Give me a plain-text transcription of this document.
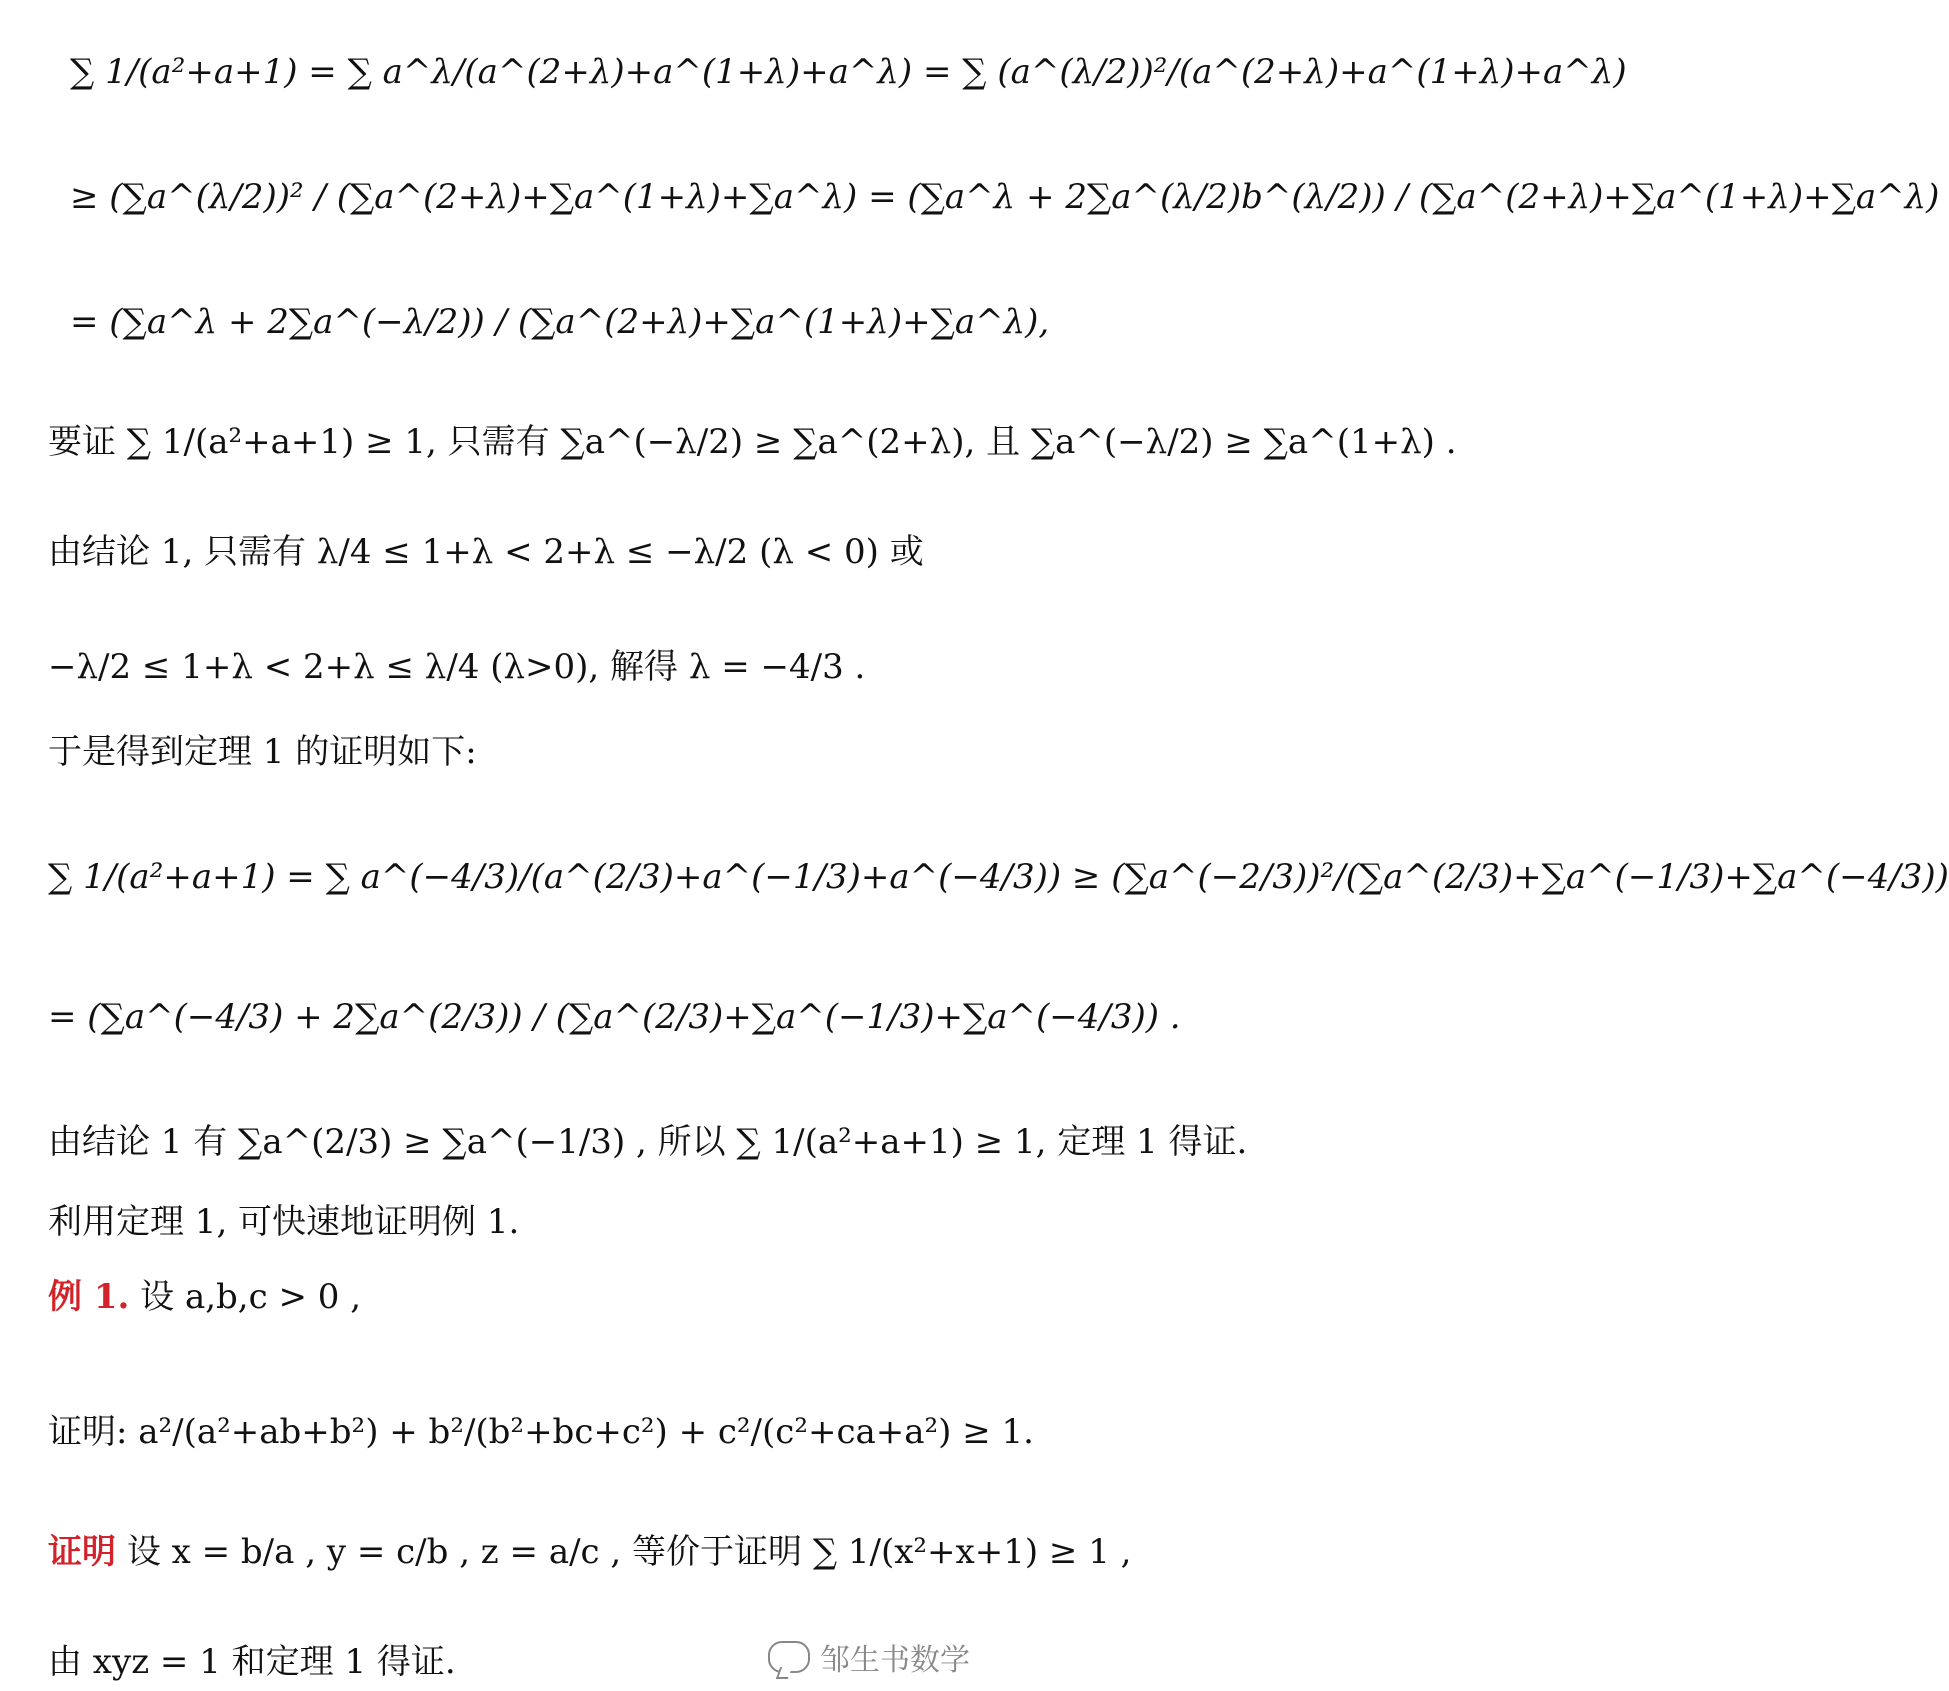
∑ 1/(a²+a+1) = ∑ a^λ/(a^(2+λ)+a^(1+λ)+a^λ) = ∑ (a^(λ/2))²/(a^(2+λ)+a^(1+λ)+a^λ)
≥ (∑a^(λ/2))² / (∑a^(2+λ)+∑a^(1+λ)+∑a^λ) = (∑a^λ + 2∑a^(λ/2)b^(λ/2)) / (∑a^(2+λ)+∑a^(1+λ)+∑a^λ)
= (∑a^λ + 2∑a^(−λ/2)) / (∑a^(2+λ)+∑a^(1+λ)+∑a^λ),
要证 ∑ 1/(a²+a+1) ≥ 1, 只需有 ∑a^(−λ/2) ≥ ∑a^(2+λ), 且 ∑a^(−λ/2) ≥ ∑a^(1+λ) .
由结论 1, 只需有 λ/4 ≤ 1+λ < 2+λ ≤ −λ/2 (λ < 0) 或
−λ/2 ≤ 1+λ < 2+λ ≤ λ/4 (λ>0), 解得 λ = −4/3 .
于是得到定理 1 的证明如下:
∑ 1/(a²+a+1) = ∑ a^(−4/3)/(a^(2/3)+a^(−1/3)+a^(−4/3)) ≥ (∑a^(−2/3))²/(∑a^(2/3)+∑a^(−1/3)+∑a^(−4/3))
= (∑a^(−4/3) + 2∑a^(2/3)) / (∑a^(2/3)+∑a^(−1/3)+∑a^(−4/3)) .
由结论 1 有 ∑a^(2/3) ≥ ∑a^(−1/3) , 所以 ∑ 1/(a²+a+1) ≥ 1, 定理 1 得证.
利用定理 1, 可快速地证明例 1.
例 1. 设 a,b,c > 0 ,
证明: a²/(a²+ab+b²) + b²/(b²+bc+c²) + c²/(c²+ca+a²) ≥ 1.
证明 设 x = b/a , y = c/b , z = a/c , 等价于证明 ∑ 1/(x²+x+1) ≥ 1 ,
由 xyz = 1 和定理 1 得证.	邹生书数学
